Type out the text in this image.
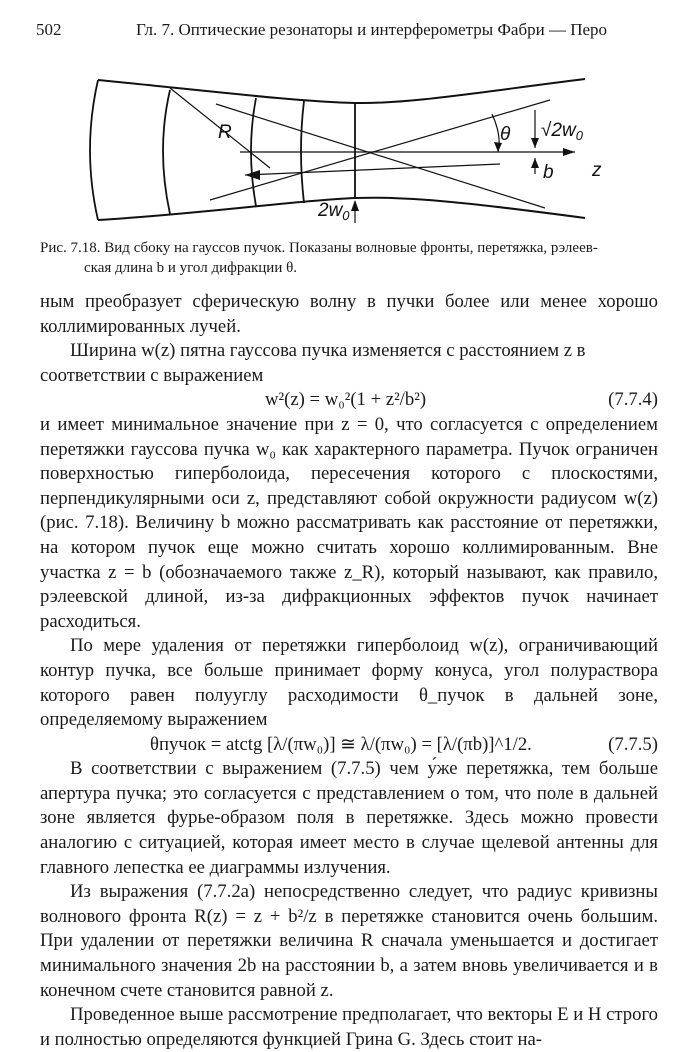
502	Гл. 7. Оптические резонаторы и интерферометры Фабри — Перо
R	θ $√2w_0$
b z
$2w_0$
Рис. 7.18. Вид сбоку на гауссов пучок. Показаны волновые фронты, перетяжка, рэлеев-
ская длина b и угол дифракции θ.

ным преобразует сферическую волну в пучки более или менее хорошо коллимированных лучей.

Ширина w(z) пятна гауссова пучка изменяется с расстоянием z в

соответствии с выражением

w²(z) = w₀²(1 + z²/b²)	(7.7.4)

и имеет минимальное значение при z = 0, что согласуется с определением перетяжки гауссова пучка w₀ как характерного параметра. Пучок ограничен поверхностью гиперболоида, пересечения которого с плоскостями, перпендикулярными оси z, представляют собой окружности радиусом w(z) (рис. 7.18). Величину b можно рассматривать как расстояние от перетяжки, на котором пучок еще можно считать хорошо коллимированным. Вне участка z = b (обозначаемого также z_R), который называют, как правило, рэлеевской длиной, из-за дифракционных эффектов пучок начинает расходиться.

По мере удаления от перетяжки гиперболоид w(z), ограничивающий контур пучка, все больше принимает форму конуса, угол полураствора которого равен полууглу расходимости θ_пучок в дальней зоне, определяемому выражением

θпучок = atctg [λ/(πw₀)] ≅ λ/(πw₀) = [λ/(πb)]^1/2.	(7.7.5)

В соответствии с выражением (7.7.5) чем у́же перетяжка, тем больше апертура пучка; это согласуется с представлением о том, что поле в дальней зоне является фурье-образом поля в перетяжке. Здесь можно провести аналогию с ситуацией, которая имеет место в случае щелевой антенны для главного лепестка ее диаграммы излучения.

Из выражения (7.7.2а) непосредственно следует, что радиус кривизны волнового фронта R(z) = z + b²/z в перетяжке становится очень большим. При удалении от перетяжки величина R сначала уменьшается и достигает минимального значения 2b на расстоянии b, а затем вновь увеличивается и в конечном счете становится равной z.

Проведенное выше рассмотрение предполагает, что векторы E и H строго и полностью определяются функцией Грина G. Здесь стоит на-
